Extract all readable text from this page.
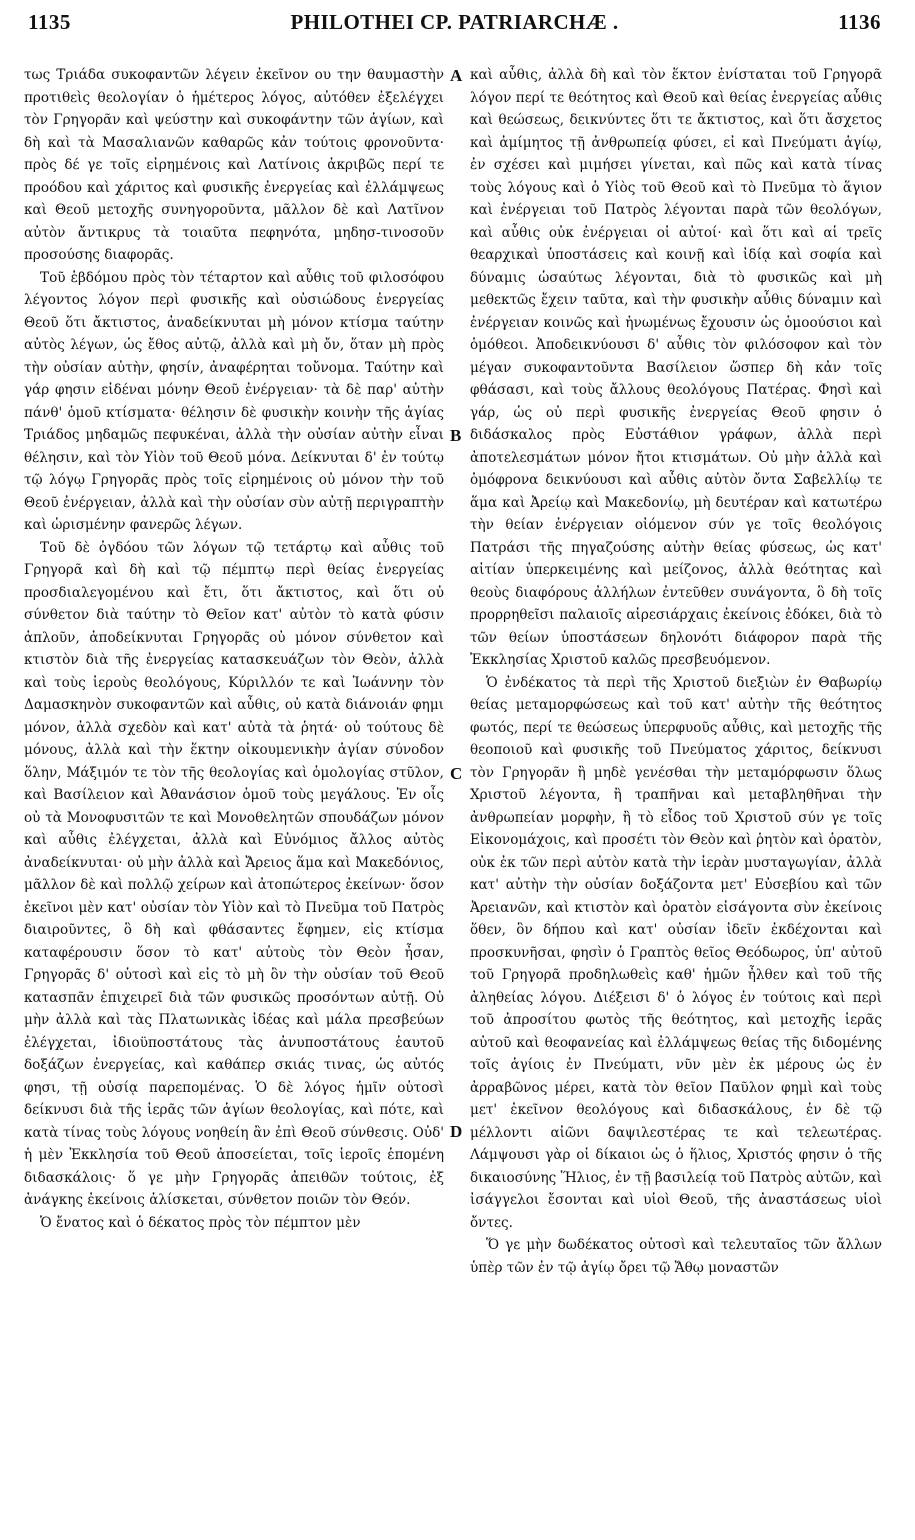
1135	PHILOTHEI CP. PATRIARCHÆ .	1136

τως Τριάδα συκοφαντῶν λέγειν ἐκεῖνον ου την θαυμαστὴν προτιθεὶς θεολογίαν ὁ ἡμέτερος λόγος, αὐτόθεν ἐξελέγχει τὸν Γρηγορᾶν καὶ ψεύστην καὶ συκοφάντην τῶν ἁγίων, καὶ δὴ καὶ τὰ Μασαλιανῶν καθαρῶς κἀν τούτοις φρονοῦντα· πρὸς δέ γε τοῖς εἰρημένοις καὶ Λατίνοις ἀκριβῶς περί τε προόδου καὶ χάριτος καὶ φυσικῆς ἐνεργείας καὶ ἐλλάμψεως καὶ Θεοῦ μετοχῆς συνηγοροῦντα, μᾶλλον δὲ καὶ Λατῖνον αὐτὸν ἄντικρυς τὰ τοιαῦτα πεφηνότα, μηδησ-τινοσοῦν προσούσης διαφορᾶς.

Τοῦ ἑβδόμου πρὸς τὸν τέταρτον καὶ αὖθις τοῦ φιλοσόφου λέγοντος λόγον περὶ φυσικῆς καὶ οὐσιώδους ἐνεργείας Θεοῦ ὅτι ἄκτιστος, ἀναδείκνυται μὴ μόνον κτίσμα ταύτην αὐτὸς λέγων, ὡς ἔθος αὐτῷ, ἀλλὰ καὶ μὴ ὄν, ὅταν μὴ πρὸς τὴν οὐσίαν αὐτὴν, φησίν, ἀναφέρηται τοὔνομα. Ταύτην καὶ γάρ φησιν εἰδέναι μόνην Θεοῦ ἐνέργειαν· τὰ δὲ παρ' αὐτὴν πάνθ' ὁμοῦ κτίσματα· θέλησιν δὲ φυσικὴν κοινὴν τῆς ἁγίας Τριάδος μηδαμῶς πεφυκέναι, ἀλλὰ τὴν οὐσίαν αὐτὴν εἶναι θέλησιν, καὶ τὸν Υἱὸν τοῦ Θεοῦ μόνα. Δείκνυται δ' ἐν τούτῳ τῷ λόγῳ Γρηγορᾶς πρὸς τοῖς εἰρημένοις οὐ μόνον τὴν τοῦ Θεοῦ ἐνέργειαν, ἀλλὰ καὶ τὴν οὐσίαν σὺν αὐτῇ περιγραπτὴν καὶ ὡρισμένην φανερῶς λέγων.

Τοῦ δὲ ὀγδόου τῶν λόγων τῷ τετάρτῳ καὶ αὖθις τοῦ Γρηγορᾶ καὶ δὴ καὶ τῷ πέμπτῳ περὶ θείας ἐνεργείας προσδιαλεγομένου καὶ ἔτι, ὅτι ἄκτιστος, καὶ ὅτι οὐ σύνθετον διὰ ταύτην τὸ Θεῖον κατ' αὐτὸν τὸ κατὰ φύσιν ἁπλοῦν, ἀποδείκνυται Γρηγορᾶς οὐ μόνον σύνθετον καὶ κτιστὸν διὰ τῆς ἐνεργείας κατασκευάζων τὸν Θεὸν, ἀλλὰ καὶ τοὺς ἱεροὺς θεολόγους, Κύριλλόν τε καὶ Ἰωάννην τὸν Δαμασκηνὸν συκοφαντῶν καὶ αὖθις, οὐ κατὰ διάνοιάν φημι μόνον, ἀλλὰ σχεδὸν καὶ κατ' αὐτὰ τὰ ῥητά· οὐ τούτους δὲ μόνους, ἀλλὰ καὶ τὴν ἕκτην οἰκουμενικὴν ἁγίαν σύνοδον ὅλην, Μάξιμόν τε τὸν τῆς θεολογίας καὶ ὁμολογίας στῦλον, καὶ Βασίλειον καὶ Ἀθανάσιον ὁμοῦ τοὺς μεγάλους. Ἐν οἷς οὐ τὰ Μονοφυσιτῶν τε καὶ Μονοθελητῶν σπουδάζων μόνον καὶ αὖθις ἐλέγχεται, ἀλλὰ καὶ Εὐνόμιος ἄλλος αὐτὸς ἀναδείκνυται· οὐ μὴν ἀλλὰ καὶ Ἄρειος ἅμα καὶ Μακεδόνιος, μᾶλλον δὲ καὶ πολλῷ χείρων καὶ ἀτοπώτερος ἐκείνων· ὅσον ἐκεῖνοι μὲν κατ' οὐσίαν τὸν Υἱὸν καὶ τὸ Πνεῦμα τοῦ Πατρὸς διαιροῦντες, ὃ δὴ καὶ φθάσαντες ἔφημεν, εἰς κτίσμα καταφέρουσιν ὅσον τὸ κατ' αὐτοὺς τὸν Θεὸν ἦσαν, Γρηγορᾶς δ' οὑτοσὶ καὶ εἰς τὸ μὴ ὂν τὴν οὐσίαν τοῦ Θεοῦ κατασπᾶν ἐπιχειρεῖ διὰ τῶν φυσικῶς προσόντων αὐτῇ. Οὐ μὴν ἀλλὰ καὶ τὰς Πλατωνικὰς ἰδέας καὶ μάλα πρεσβεύων ἐλέγχεται, ἰδιοϋποστάτους τὰς ἀνυποστάτους ἑαυτοῦ δοξάζων ἐνεργείας, καὶ καθάπερ σκιάς τινας, ὡς αὐτός φησι, τῇ οὐσίᾳ παρεπομένας. Ὁ δὲ λόγος ἡμῖν οὑτοσὶ δείκνυσι διὰ τῆς ἱερᾶς τῶν ἁγίων θεολογίας, καὶ πότε, καὶ κατὰ τίνας τοὺς λόγους νοηθείη ἂν ἐπὶ Θεοῦ σύνθεσις. Οὐδ' ἡ μὲν Ἐκκλησία τοῦ Θεοῦ ἀποσείεται, τοῖς ἱεροῖς ἑπομένη διδασκάλοις· ὅ γε μὴν Γρηγορᾶς ἀπειθῶν τούτοις, ἐξ ἀνάγκης ἐκείνοις ἁλίσκεται, σύνθετον ποιῶν τὸν Θεόν.

Ὁ ἔνατος καὶ ὁ δέκατος πρὸς τὸν πέμπτον μὲν

καὶ αὖθις, ἀλλὰ δὴ καὶ τὸν ἕκτον ἐνίσταται τοῦ Γρηγορᾶ λόγον περί τε θεότητος καὶ Θεοῦ καὶ θείας ἐνεργείας αὖθις καὶ θεώσεως, δεικνύντες ὅτι τε ἄκτιστος, καὶ ὅτι ἄσχετος καὶ ἀμίμητος τῇ ἀνθρωπείᾳ φύσει, εἰ καὶ Πνεύματι ἁγίῳ, ἐν σχέσει καὶ μιμήσει γίνεται, καὶ πῶς καὶ κατὰ τίνας τοὺς λόγους καὶ ὁ Υἱὸς τοῦ Θεοῦ καὶ τὸ Πνεῦμα τὸ ἅγιον καὶ ἐνέργειαι τοῦ Πατρὸς λέγονται παρὰ τῶν θεολόγων, καὶ αὖθις οὐκ ἐνέργειαι οἱ αὐτοί· καὶ ὅτι καὶ αἱ τρεῖς θεαρχικαὶ ὑποστάσεις καὶ κοινῇ καὶ ἰδίᾳ καὶ σοφία καὶ δύναμις ὡσαύτως λέγονται, διὰ τὸ φυσικῶς καὶ μὴ μεθεκτῶς ἔχειν ταῦτα, καὶ τὴν φυσικὴν αὖθις δύναμιν καὶ ἐνέργειαν κοινῶς καὶ ἡνωμένως ἔχουσιν ὡς ὁμοούσιοι καὶ ὁμόθεοι. Ἀποδεικνύουσι δ' αὖθις τὸν φιλόσοφον καὶ τὸν μέγαν συκοφαντοῦντα Βασίλειον ὥσπερ δὴ κἀν τοῖς φθάσασι, καὶ τοὺς ἄλλους θεολόγους Πατέρας. Φησὶ καὶ γάρ, ὡς οὐ περὶ φυσικῆς ἐνεργείας Θεοῦ φησιν ὁ διδάσκαλος πρὸς Εὐστάθιον γράφων, ἀλλὰ περὶ ἀποτελεσμάτων μόνον ἤτοι κτισμάτων. Οὐ μὴν ἀλλὰ καὶ ὁμόφρονα δεικνύουσι καὶ αὖθις αὐτὸν ὄντα Σαβελλίῳ τε ἅμα καὶ Ἀρείῳ καὶ Μακεδονίῳ, μὴ δευτέραν καὶ κατωτέρω τὴν θείαν ἐνέργειαν οἰόμενον σύν γε τοῖς θεολόγοις Πατράσι τῆς πηγαζούσης αὐτὴν θείας φύσεως, ὡς κατ' αἰτίαν ὑπερκειμένης καὶ μείζονος, ἀλλὰ θεότητας καὶ θεοὺς διαφόρους ἀλλήλων ἐντεῦθεν συνάγοντα, ὃ δὴ τοῖς προρρηθεῖσι παλαιοῖς αἱρεσιάρχαις ἐκείνοις ἐδόκει, διὰ τὸ τῶν θείων ὑποστάσεων δηλονότι διάφορον παρὰ τῆς Ἐκκλησίας Χριστοῦ καλῶς πρεσβευόμενον.

Ὁ ἐνδέκατος τὰ περὶ τῆς Χριστοῦ διεξιὼν ἐν Θαβωρίῳ θείας μεταμορφώσεως καὶ τοῦ κατ' αὐτὴν τῆς θεότητος φωτός, περί τε θεώσεως ὑπερφυοῦς αὖθις, καὶ μετοχῆς τῆς θεοποιοῦ καὶ φυσικῆς τοῦ Πνεύματος χάριτος, δείκνυσι τὸν Γρηγορᾶν ἢ μηδὲ γενέσθαι τὴν μεταμόρφωσιν ὅλως Χριστοῦ λέγοντα, ἢ τραπῆναι καὶ μεταβληθῆναι τὴν ἀνθρωπείαν μορφὴν, ἢ τὸ εἶδος τοῦ Χριστοῦ σύν γε τοῖς Εἰκονομάχοις, καὶ προσέτι τὸν Θεὸν καὶ ῥητὸν καὶ ὁρατὸν, οὐκ ἐκ τῶν περὶ αὐτὸν κατὰ τὴν ἱερὰν μυσταγωγίαν, ἀλλὰ κατ' αὐτὴν τὴν οὐσίαν δοξάζοντα μετ' Εὐσεβίου καὶ τῶν Ἀρειανῶν, καὶ κτιστὸν καὶ ὁρατὸν εἰσάγοντα σὺν ἐκείνοις ὅθεν, ὃν δήπου καὶ κατ' οὐσίαν ἰδεῖν ἐκδέχονται καὶ προσκυνῆσαι, φησὶν ὁ Γραπτὸς θεῖος Θεόδωρος, ὑπ' αὐτοῦ τοῦ Γρηγορᾶ προδηλωθεὶς καθ' ἡμῶν ἦλθεν καὶ τοῦ τῆς ἀληθείας λόγου. Διέξεισι δ' ὁ λόγος ἐν τούτοις καὶ περὶ τοῦ ἀπροσίτου φωτὸς τῆς θεότητος, καὶ μετοχῆς ἱερᾶς αὐτοῦ καὶ θεοφανείας καὶ ἐλλάμψεως θείας τῆς διδομένης τοῖς ἁγίοις ἐν Πνεύματι, νῦν μὲν ἐκ μέρους ὡς ἐν ἀρραβῶνος μέρει, κατὰ τὸν θεῖον Παῦλον φημὶ καὶ τοὺς μετ' ἐκεῖνον θεολόγους καὶ διδασκάλους, ἐν δὲ τῷ μέλλοντι αἰῶνι δαψιλεστέρας τε καὶ τελεωτέρας. Λάμψουσι γὰρ οἱ δίκαιοι ὡς ὁ ἥλιος, Χριστός φησιν ὁ τῆς δικαιοσύνης Ἥλιος, ἐν τῇ βασιλείᾳ τοῦ Πατρὸς αὐτῶν, καὶ ἰσάγγελοι ἔσονται καὶ υἱοὶ Θεοῦ, τῆς ἀναστάσεως υἱοὶ ὄντες.

Ὅ γε μὴν δωδέκατος οὑτοσὶ καὶ τελευταῖος τῶν ἄλλων ὑπὲρ τῶν ἐν τῷ ἁγίῳ ὄρει τῷ Ἄθῳ μοναστῶν

A
B
C
D
